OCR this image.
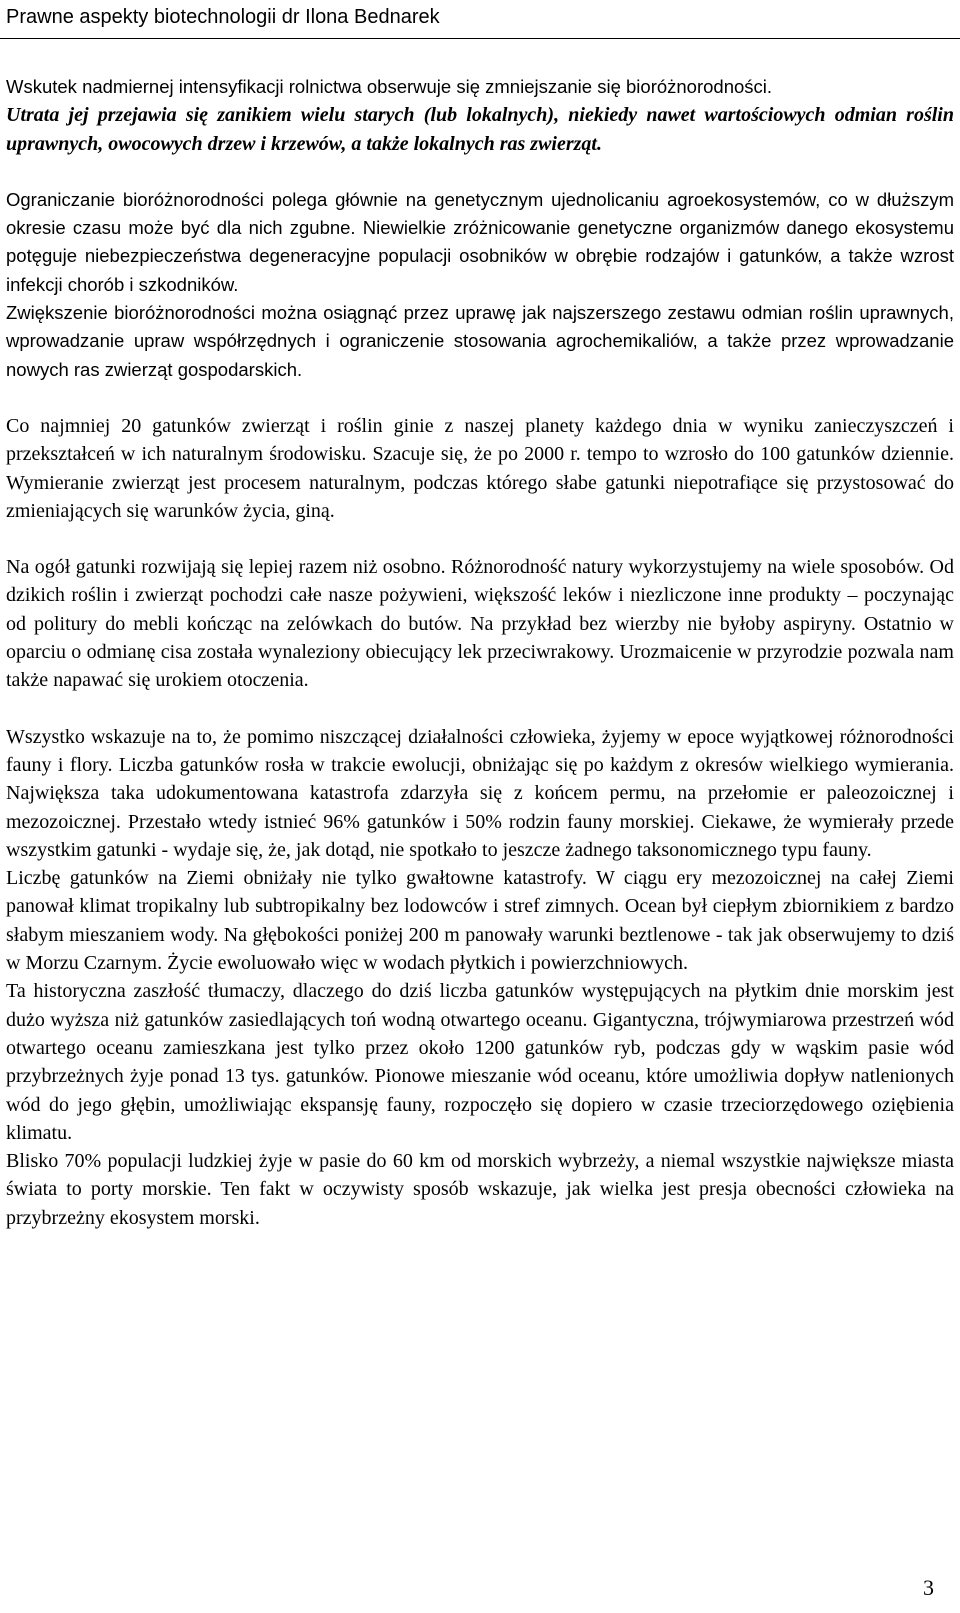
Prawne aspekty biotechnologii dr Ilona Bednarek

Wskutek nadmiernej intensyfikacji rolnictwa obserwuje się zmniejszanie się bioróżnorodności.

Utrata jej przejawia się zanikiem wielu starych (lub lokalnych), niekiedy nawet wartościowych odmian roślin uprawnych, owocowych drzew i krzewów, a także lokalnych ras zwierząt.

Ograniczanie bioróżnorodności polega głównie na genetycznym ujednolicaniu agroekosystemów, co w dłuższym okresie czasu może być dla nich zgubne. Niewielkie zróżnicowanie genetyczne organizmów danego ekosystemu potęguje niebezpieczeństwa degeneracyjne populacji osobników w obrębie rodzajów i gatunków, a także wzrost infekcji chorób i szkodników.

Zwiększenie bioróżnorodności można osiągnąć przez uprawę jak najszerszego zestawu odmian roślin uprawnych, wprowadzanie upraw współrzędnych i ograniczenie stosowania agrochemikaliów, a także przez wprowadzanie nowych ras zwierząt gospodarskich.

Co najmniej 20 gatunków zwierząt i roślin ginie z naszej planety każdego dnia w wyniku zanieczyszczeń i przekształceń w ich naturalnym środowisku. Szacuje się, że po 2000 r. tempo to wzrosło do 100 gatunków dziennie. Wymieranie zwierząt jest procesem naturalnym, podczas którego słabe gatunki niepotrafiące się przystosować do zmieniających się warunków życia, giną.

Na ogół gatunki rozwijają się lepiej razem niż osobno. Różnorodność natury wykorzystujemy na wiele sposobów. Od dzikich roślin i zwierząt pochodzi całe nasze pożywieni, większość leków i niezliczone inne produkty – poczynając od politury do mebli kończąc na zelówkach do butów. Na przykład bez wierzby nie byłoby aspiryny. Ostatnio w oparciu o odmianę cisa została wynaleziony obiecujący lek przeciwrakowy. Urozmaicenie w przyrodzie pozwala nam także napawać się urokiem otoczenia.

Wszystko wskazuje na to, że pomimo niszczącej działalności człowieka, żyjemy w epoce wyjątkowej różnorodności fauny i flory. Liczba gatunków rosła w trakcie ewolucji, obniżając się po każdym z okresów wielkiego wymierania. Największa taka udokumentowana katastrofa zdarzyła się z końcem permu, na przełomie er paleozoicznej i mezozoicznej. Przestało wtedy istnieć 96% gatunków i 50% rodzin fauny morskiej. Ciekawe, że wymierały przede wszystkim gatunki - wydaje się, że, jak dotąd, nie spotkało to jeszcze żadnego taksonomicznego typu fauny.

Liczbę gatunków na Ziemi obniżały nie tylko gwałtowne katastrofy. W ciągu ery mezozoicznej na całej Ziemi panował klimat tropikalny lub subtropikalny bez lodowców i stref zimnych. Ocean był ciepłym zbiornikiem z bardzo słabym mieszaniem wody. Na głębokości poniżej 200 m panowały warunki beztlenowe - tak jak obserwujemy to dziś w Morzu Czarnym. Życie ewoluowało więc w wodach płytkich i powierzchniowych.

Ta historyczna zaszłość tłumaczy, dlaczego do dziś liczba gatunków występujących na płytkim dnie morskim jest dużo wyższa niż gatunków zasiedlających toń wodną otwartego oceanu. Gigantyczna, trójwymiarowa przestrzeń wód otwartego oceanu zamieszkana jest tylko przez około 1200 gatunków ryb, podczas gdy w wąskim pasie wód przybrzeżnych żyje ponad 13 tys. gatunków. Pionowe mieszanie wód oceanu, które umożliwia dopływ natlenionych wód do jego głębin, umożliwiając ekspansję fauny, rozpoczęło się dopiero w czasie trzeciorzędowego oziębienia klimatu.

Blisko 70% populacji ludzkiej żyje w pasie do 60 km od morskich wybrzeży, a niemal wszystkie największe miasta świata to porty morskie. Ten fakt w oczywisty sposób wskazuje, jak wielka jest presja obecności człowieka na przybrzeżny ekosystem morski.

3
